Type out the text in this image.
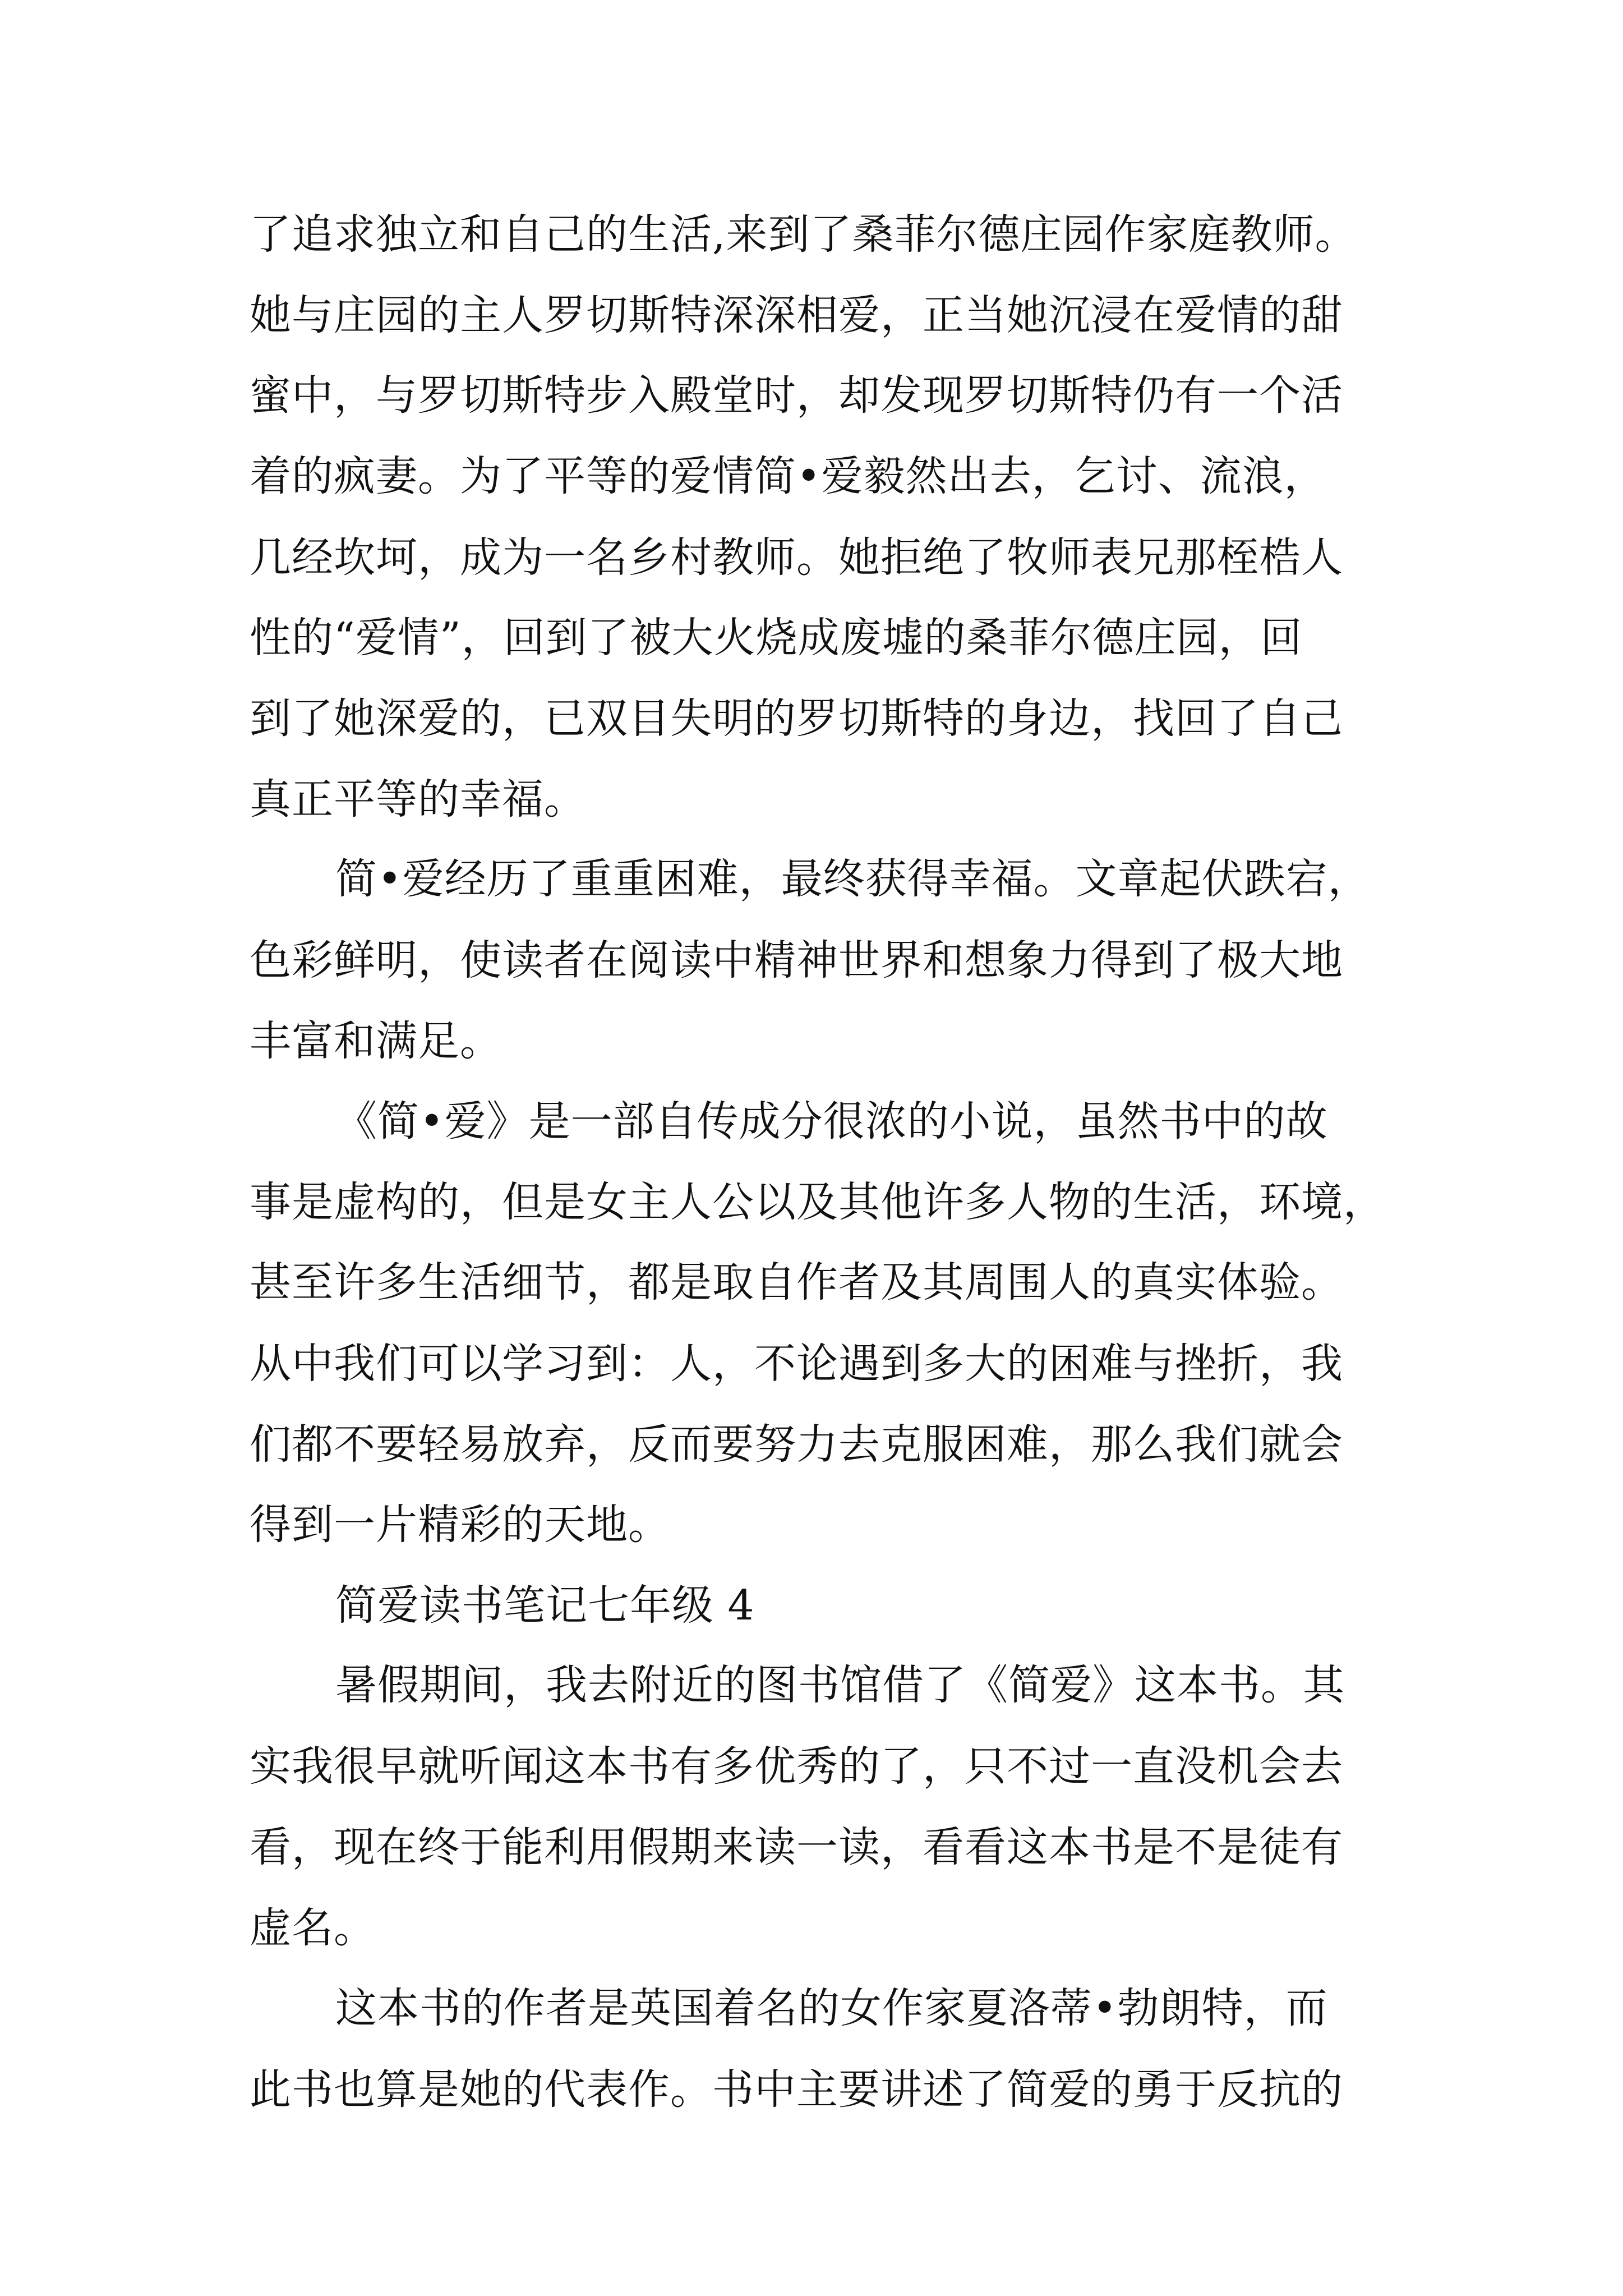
了追求独立和自己的生活,来到了桑菲尔德庄园作家庭教师。
她与庄园的主人罗切斯特深深相爱，正当她沉浸在爱情的甜
蜜中，与罗切斯特步入殿堂时，却发现罗切斯特仍有一个活
着的疯妻。为了平等的爱情简•爱毅然出去，乞讨、流浪，
几经坎坷，成为一名乡村教师。她拒绝了牧师表兄那桎梏人
性的“爱情”，回到了被大火烧成废墟的桑菲尔德庄园，回
到了她深爱的，已双目失明的罗切斯特的身边，找回了自己
真正平等的幸福。
简•爱经历了重重困难，最终获得幸福。文章起伏跌宕，
色彩鲜明，使读者在阅读中精神世界和想象力得到了极大地
丰富和满足。
《简•爱》是一部自传成分很浓的小说，虽然书中的故
事是虚构的，但是女主人公以及其他许多人物的生活，环境，
甚至许多生活细节，都是取自作者及其周围人的真实体验。
从中我们可以学习到：人，不论遇到多大的困难与挫折，我
们都不要轻易放弃，反而要努力去克服困难，那么我们就会
得到一片精彩的天地。
简爱读书笔记七年级 4
暑假期间，我去附近的图书馆借了《简爱》这本书。其
实我很早就听闻这本书有多优秀的了，只不过一直没机会去
看，现在终于能利用假期来读一读，看看这本书是不是徒有
虚名。
这本书的作者是英国着名的女作家夏洛蒂•勃朗特，而
此书也算是她的代表作。书中主要讲述了简爱的勇于反抗的
